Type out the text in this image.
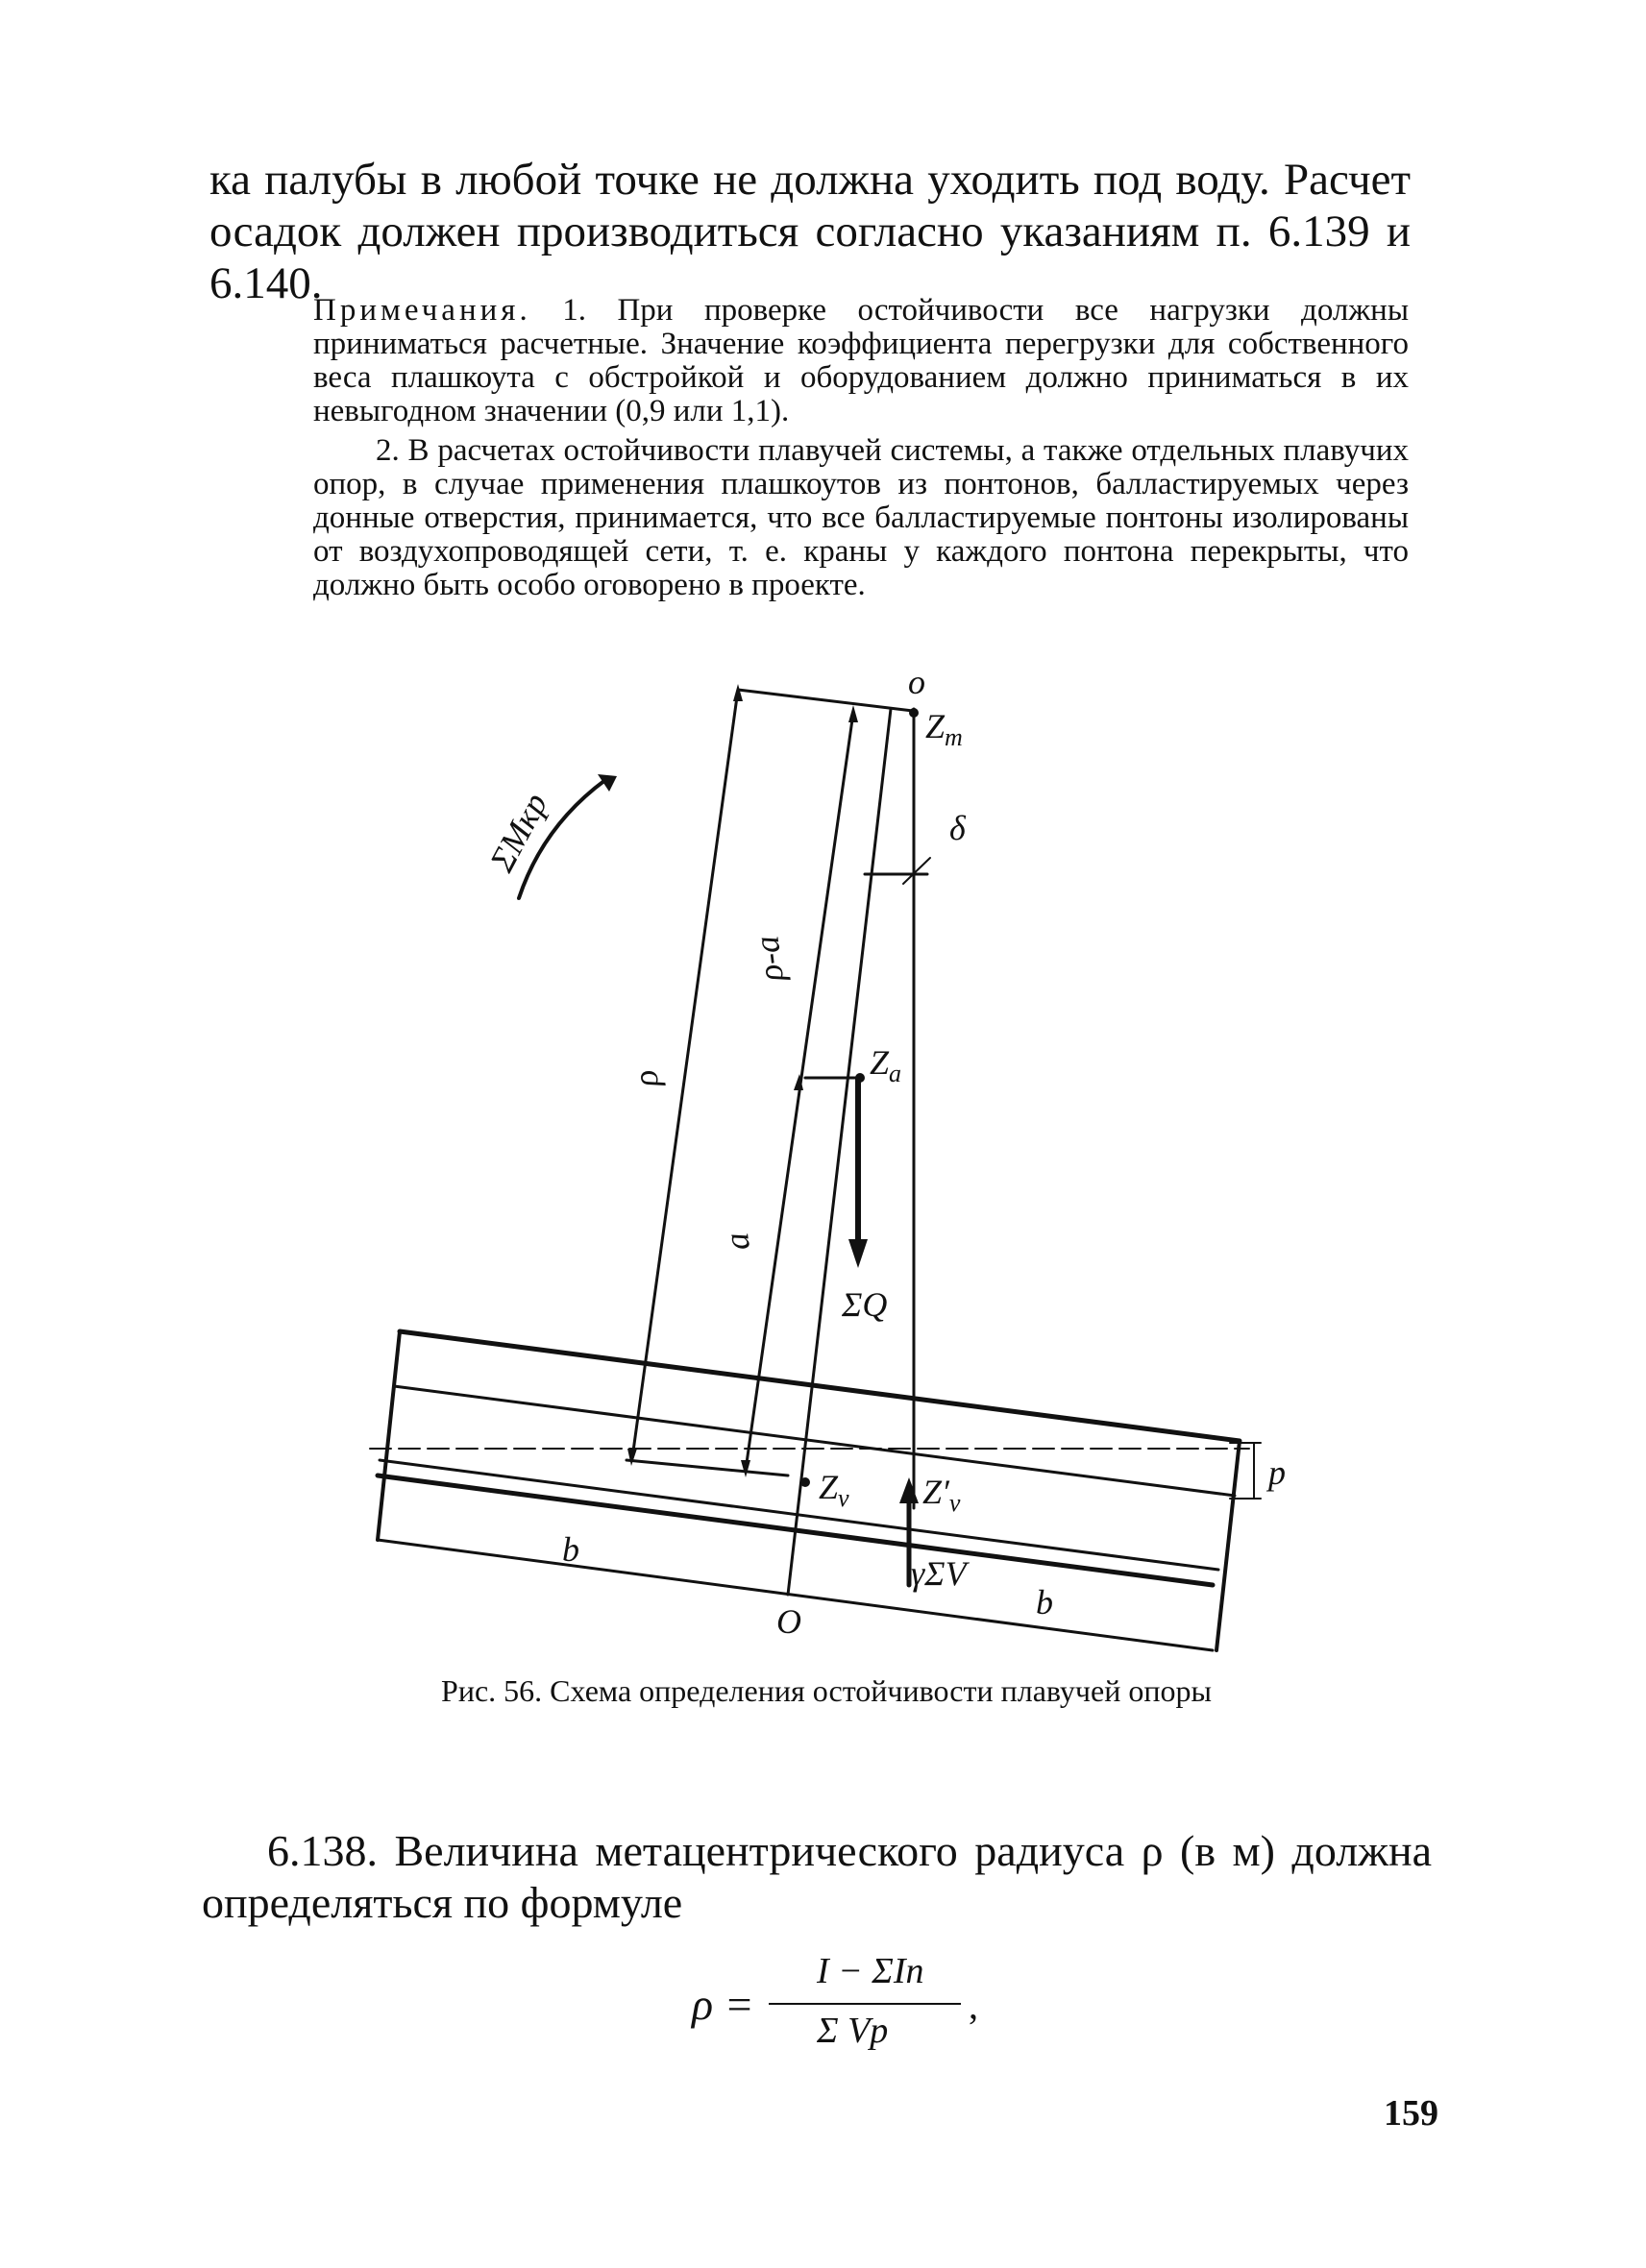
ка палубы в любой точке не должна уходить под воду. Расчет осадок должен производиться согласно указаниям п. 6.139 и 6.140.

Примечания. 1. При проверке остойчивости все нагрузки должны приниматься расчетные. Значение коэффициента перегрузки для собственного веса плашкоута с обстройкой и оборудованием должно приниматься в их невыгодном значении (0,9 или 1,1).

2. В расчетах остойчивости плавучей системы, а также отдельных плавучих опор, в случае применения плашкоутов из понтонов, балластируемых через донные отверстия, принимается, что все балластируемые понтоны изолированы от воздухопроводящей сети, т. е. краны у каждого понтона перекрыты, что должно быть особо оговорено в проекте.

o
$Z_m$
δ
ρ-a
$Z_a$
ρ
a
ΣQ
ΣMкр
$Z_v$ $Z'_v$
γΣV
b
b
O
p
Рис. 56. Схема определения остойчивости плавучей опоры
6.138. Величина метацентрического радиуса ρ (в м) должна определяться по формуле
ρ =
I − ΣIn
Σ Vp
,
159
